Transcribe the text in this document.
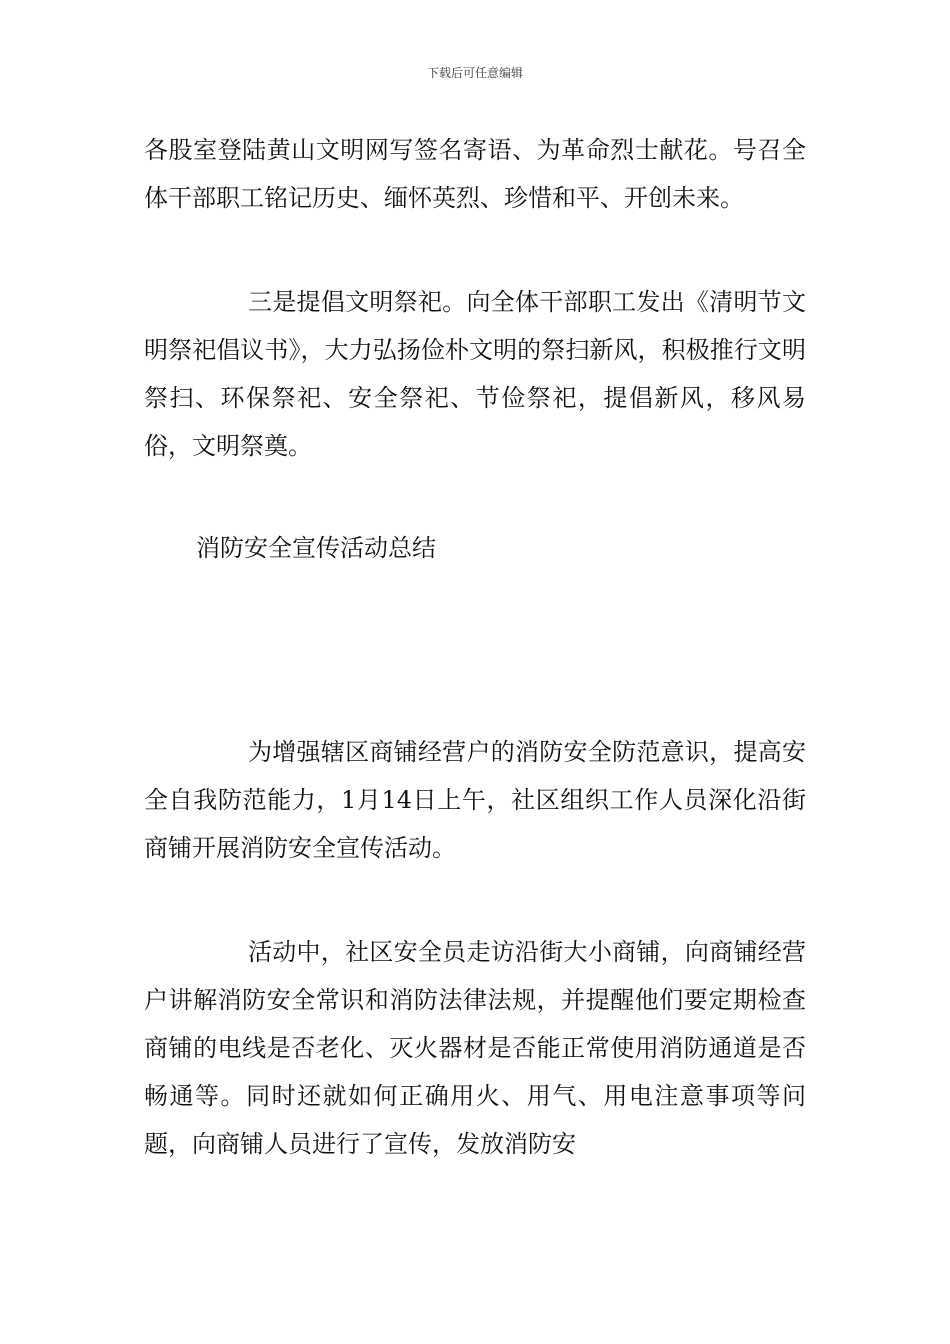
下载后可任意编辑

各股室登陆黄山文明网写签名寄语、为革命烈士献花。号召全体干部职工铭记历史、缅怀英烈、珍惜和平、开创未来。

三是提倡文明祭祀。向全体干部职工发出《清明节文明祭祀倡议书》，大力弘扬俭朴文明的祭扫新风，积极推行文明祭扫、环保祭祀、安全祭祀、节俭祭祀，提倡新风，移风易俗，文明祭奠。

消防安全宣传活动总结

为增强辖区商铺经营户的消防安全防范意识，提高安全自我防范能力，1月14日上午，社区组织工作人员深化沿街商铺开展消防安全宣传活动。

活动中，社区安全员走访沿街大小商铺，向商铺经营户讲解消防安全常识和消防法律法规，并提醒他们要定期检查商铺的电线是否老化、灭火器材是否能正常使用消防通道是否畅通等。同时还就如何正确用火、用气、用电注意事项等问题，向商铺人员进行了宣传，发放消防安
